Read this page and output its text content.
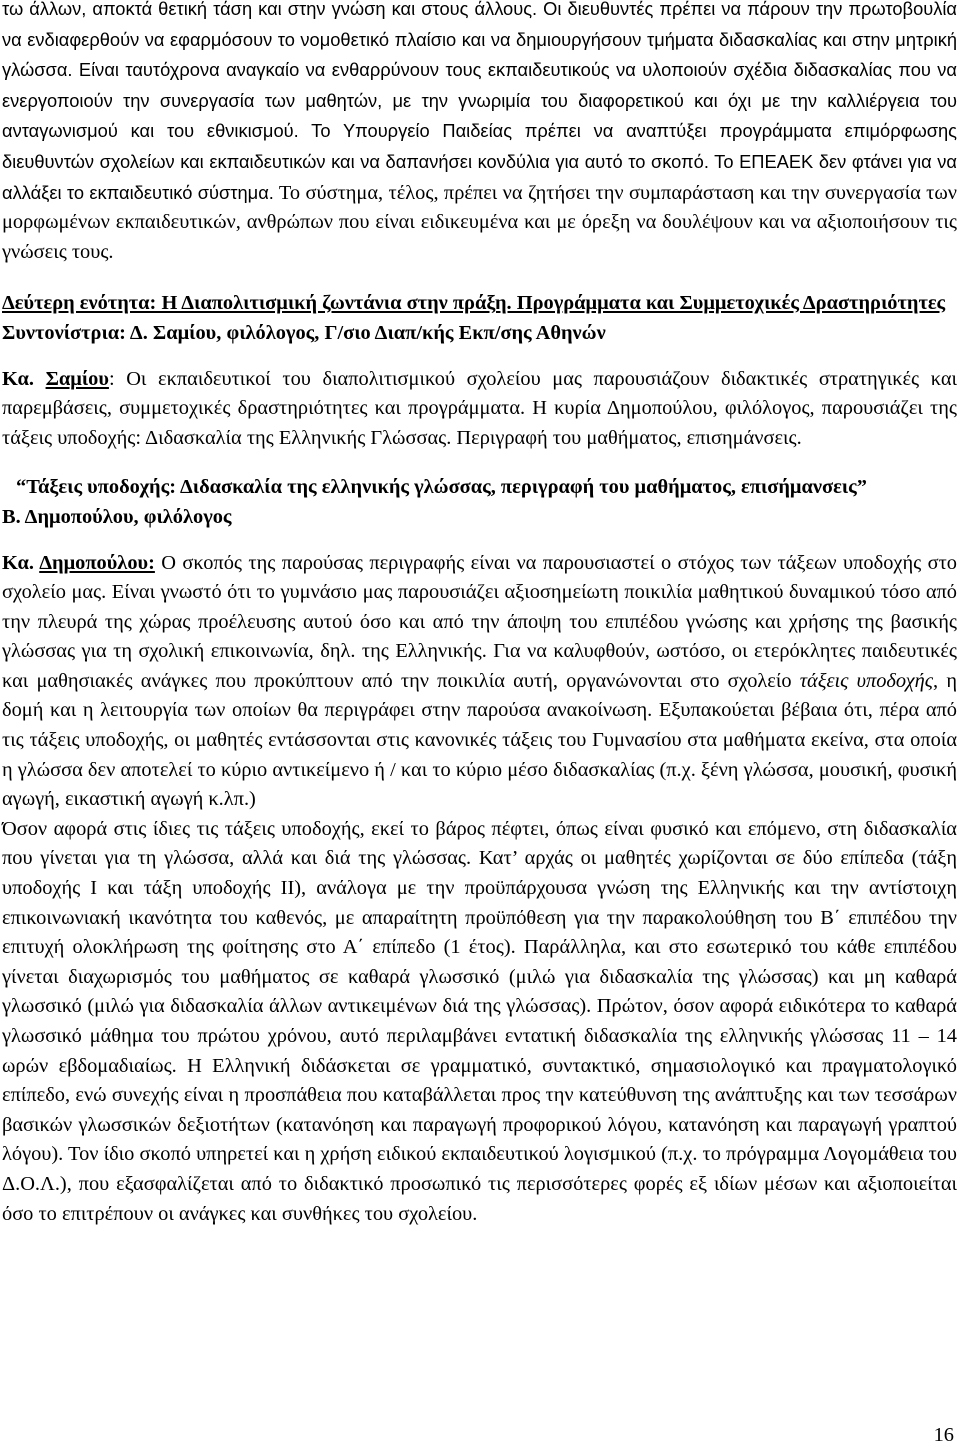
τω άλλων, αποκτά θετική τάση και στην γνώση και στους άλλους. Οι διευθυντές πρέπει να πάρουν την πρωτοβουλία να ενδιαφερθούν να εφαρμόσουν το νομοθετικό πλαίσιο και να δημιουργήσουν τμήματα διδασκαλίας και στην μητρική γλώσσα. Είναι ταυτόχρονα αναγκαίο να ενθαρρύνουν τους εκπαιδευτικούς να υλοποιούν σχέδια διδασκαλίας που να ενεργοποιούν την συνεργασία των μαθητών, με την γνωριμία του διαφορετικού και όχι με την καλλιέργεια του ανταγωνισμού και του εθνικισμού. Το Υπουργείο Παιδείας πρέπει να αναπτύξει προγράμματα επιμόρφωσης διευθυντών σχολείων και εκπαιδευτικών και να δαπανήσει κονδύλια για αυτό το σκοπό. Το ΕΠΕΑΕΚ δεν φτάνει για να αλλάξει το εκπαιδευτικό σύστημα. Το σύστημα, τέλος, πρέπει να ζητήσει την συμπαράσταση και την συνεργασία των μορφωμένων εκπαιδευτικών, ανθρώπων που είναι ειδικευμένα και με όρεξη να δουλέψουν και να αξιοποιήσουν τις γνώσεις τους.

Δεύτερη ενότητα: Η Διαπολιτισμική ζωντάνια στην πράξη. Προγράμματα και Συμμετοχικές Δραστηριότητες

Συντονίστρια: Δ. Σαμίου, φιλόλογος, Γ/σιο Διαπ/κής Εκπ/σης Αθηνών

Κα. Σαμίου: Οι εκπαιδευτικοί του διαπολιτισμικού σχολείου μας παρουσιάζουν διδακτικές στρατηγικές και παρεμβάσεις, συμμετοχικές δραστηριότητες και προγράμματα. Η κυρία Δημοπούλου, φιλόλογος, παρουσιάζει της τάξεις υποδοχής: Διδασκαλία της Ελληνικής Γλώσσας. Περιγραφή του μαθήματος, επισημάνσεις.

“Τάξεις υποδοχής: Διδασκαλία της ελληνικής γλώσσας, περιγραφή του μαθήματος, επισήμανσεις”

Β. Δημοπούλου, φιλόλογος

Κα. Δημοπούλου: Ο σκοπός της παρούσας περιγραφής είναι να παρουσιαστεί ο στόχος των τάξεων υποδοχής στο σχολείο μας. Είναι γνωστό ότι το γυμνάσιο μας παρουσιάζει αξιοσημείωτη ποικιλία μαθητικού δυναμικού τόσο από την πλευρά της χώρας προέλευσης αυτού όσο και από την άποψη του επιπέδου γνώσης και χρήσης της βασικής γλώσσας για τη σχολική επικοινωνία, δηλ. της Ελληνικής. Για να καλυφθούν, ωστόσο, οι ετερόκλητες παιδευτικές και μαθησιακές ανάγκες που προκύπτουν από την ποικιλία αυτή, οργανώνονται στο σχολείο τάξεις υποδοχής, η δομή και η λειτουργία των οποίων θα περιγράφει στην παρούσα ανακοίνωση. Εξυπακούεται βέβαια ότι, πέρα από τις τάξεις υποδοχής, οι μαθητές εντάσσονται στις κανονικές τάξεις του Γυμνασίου στα μαθήματα εκείνα, στα οποία η γλώσσα δεν αποτελεί το κύριο αντικείμενο ή / και το κύριο μέσο διδασκαλίας (π.χ. ξένη γλώσσα, μουσική, φυσική αγωγή, εικαστική αγωγή κ.λπ.)

Όσον αφορά στις ίδιες τις τάξεις υποδοχής, εκεί το βάρος πέφτει, όπως είναι φυσικό και επόμενο, στη διδασκαλία που γίνεται για τη γλώσσα, αλλά και διά της γλώσσας. Κατ’ αρχάς οι μαθητές χωρίζονται σε δύο επίπεδα (τάξη υποδοχής Ι και τάξη υποδοχής ΙΙ), ανάλογα με την προϋπάρχουσα γνώση της Ελληνικής και την αντίστοιχη επικοινωνιακή ικανότητα του καθενός, με απαραίτητη προϋπόθεση για την παρακολούθηση του Β΄ επιπέδου την επιτυχή ολοκλήρωση της φοίτησης στο Α΄ επίπεδο (1 έτος). Παράλληλα, και στο εσωτερικό του κάθε επιπέδου γίνεται διαχωρισμός του μαθήματος σε καθαρά γλωσσικό (μιλώ για διδασκαλία της γλώσσας) και μη καθαρά γλωσσικό (μιλώ για διδασκαλία άλλων αντικειμένων διά της γλώσσας). Πρώτον, όσον αφορά ειδικότερα το καθαρά γλωσσικό μάθημα του πρώτου χρόνου, αυτό περιλαμβάνει εντατική διδασκαλία της ελληνικής γλώσσας 11 – 14 ωρών εβδομαδιαίως. Η Ελληνική διδάσκεται σε γραμματικό, συντακτικό, σημασιολογικό και πραγματολογικό επίπεδο, ενώ συνεχής είναι η προσπάθεια που καταβάλλεται προς την κατεύθυνση της ανάπτυξης και των τεσσάρων βασικών γλωσσικών δεξιοτήτων (κατανόηση και παραγωγή προφορικού λόγου, κατανόηση και παραγωγή γραπτού λόγου). Τον ίδιο σκοπό υπηρετεί και η χρήση ειδικού εκπαιδευτικού λογισμικού (π.χ. το πρόγραμμα Λογομάθεια του Δ.Ο.Λ.), που εξασφαλίζεται από το διδακτικό προσωπικό τις περισσότερες φορές εξ ιδίων μέσων και αξιοποιείται όσο το επιτρέπουν οι ανάγκες και συνθήκες του σχολείου.

16
